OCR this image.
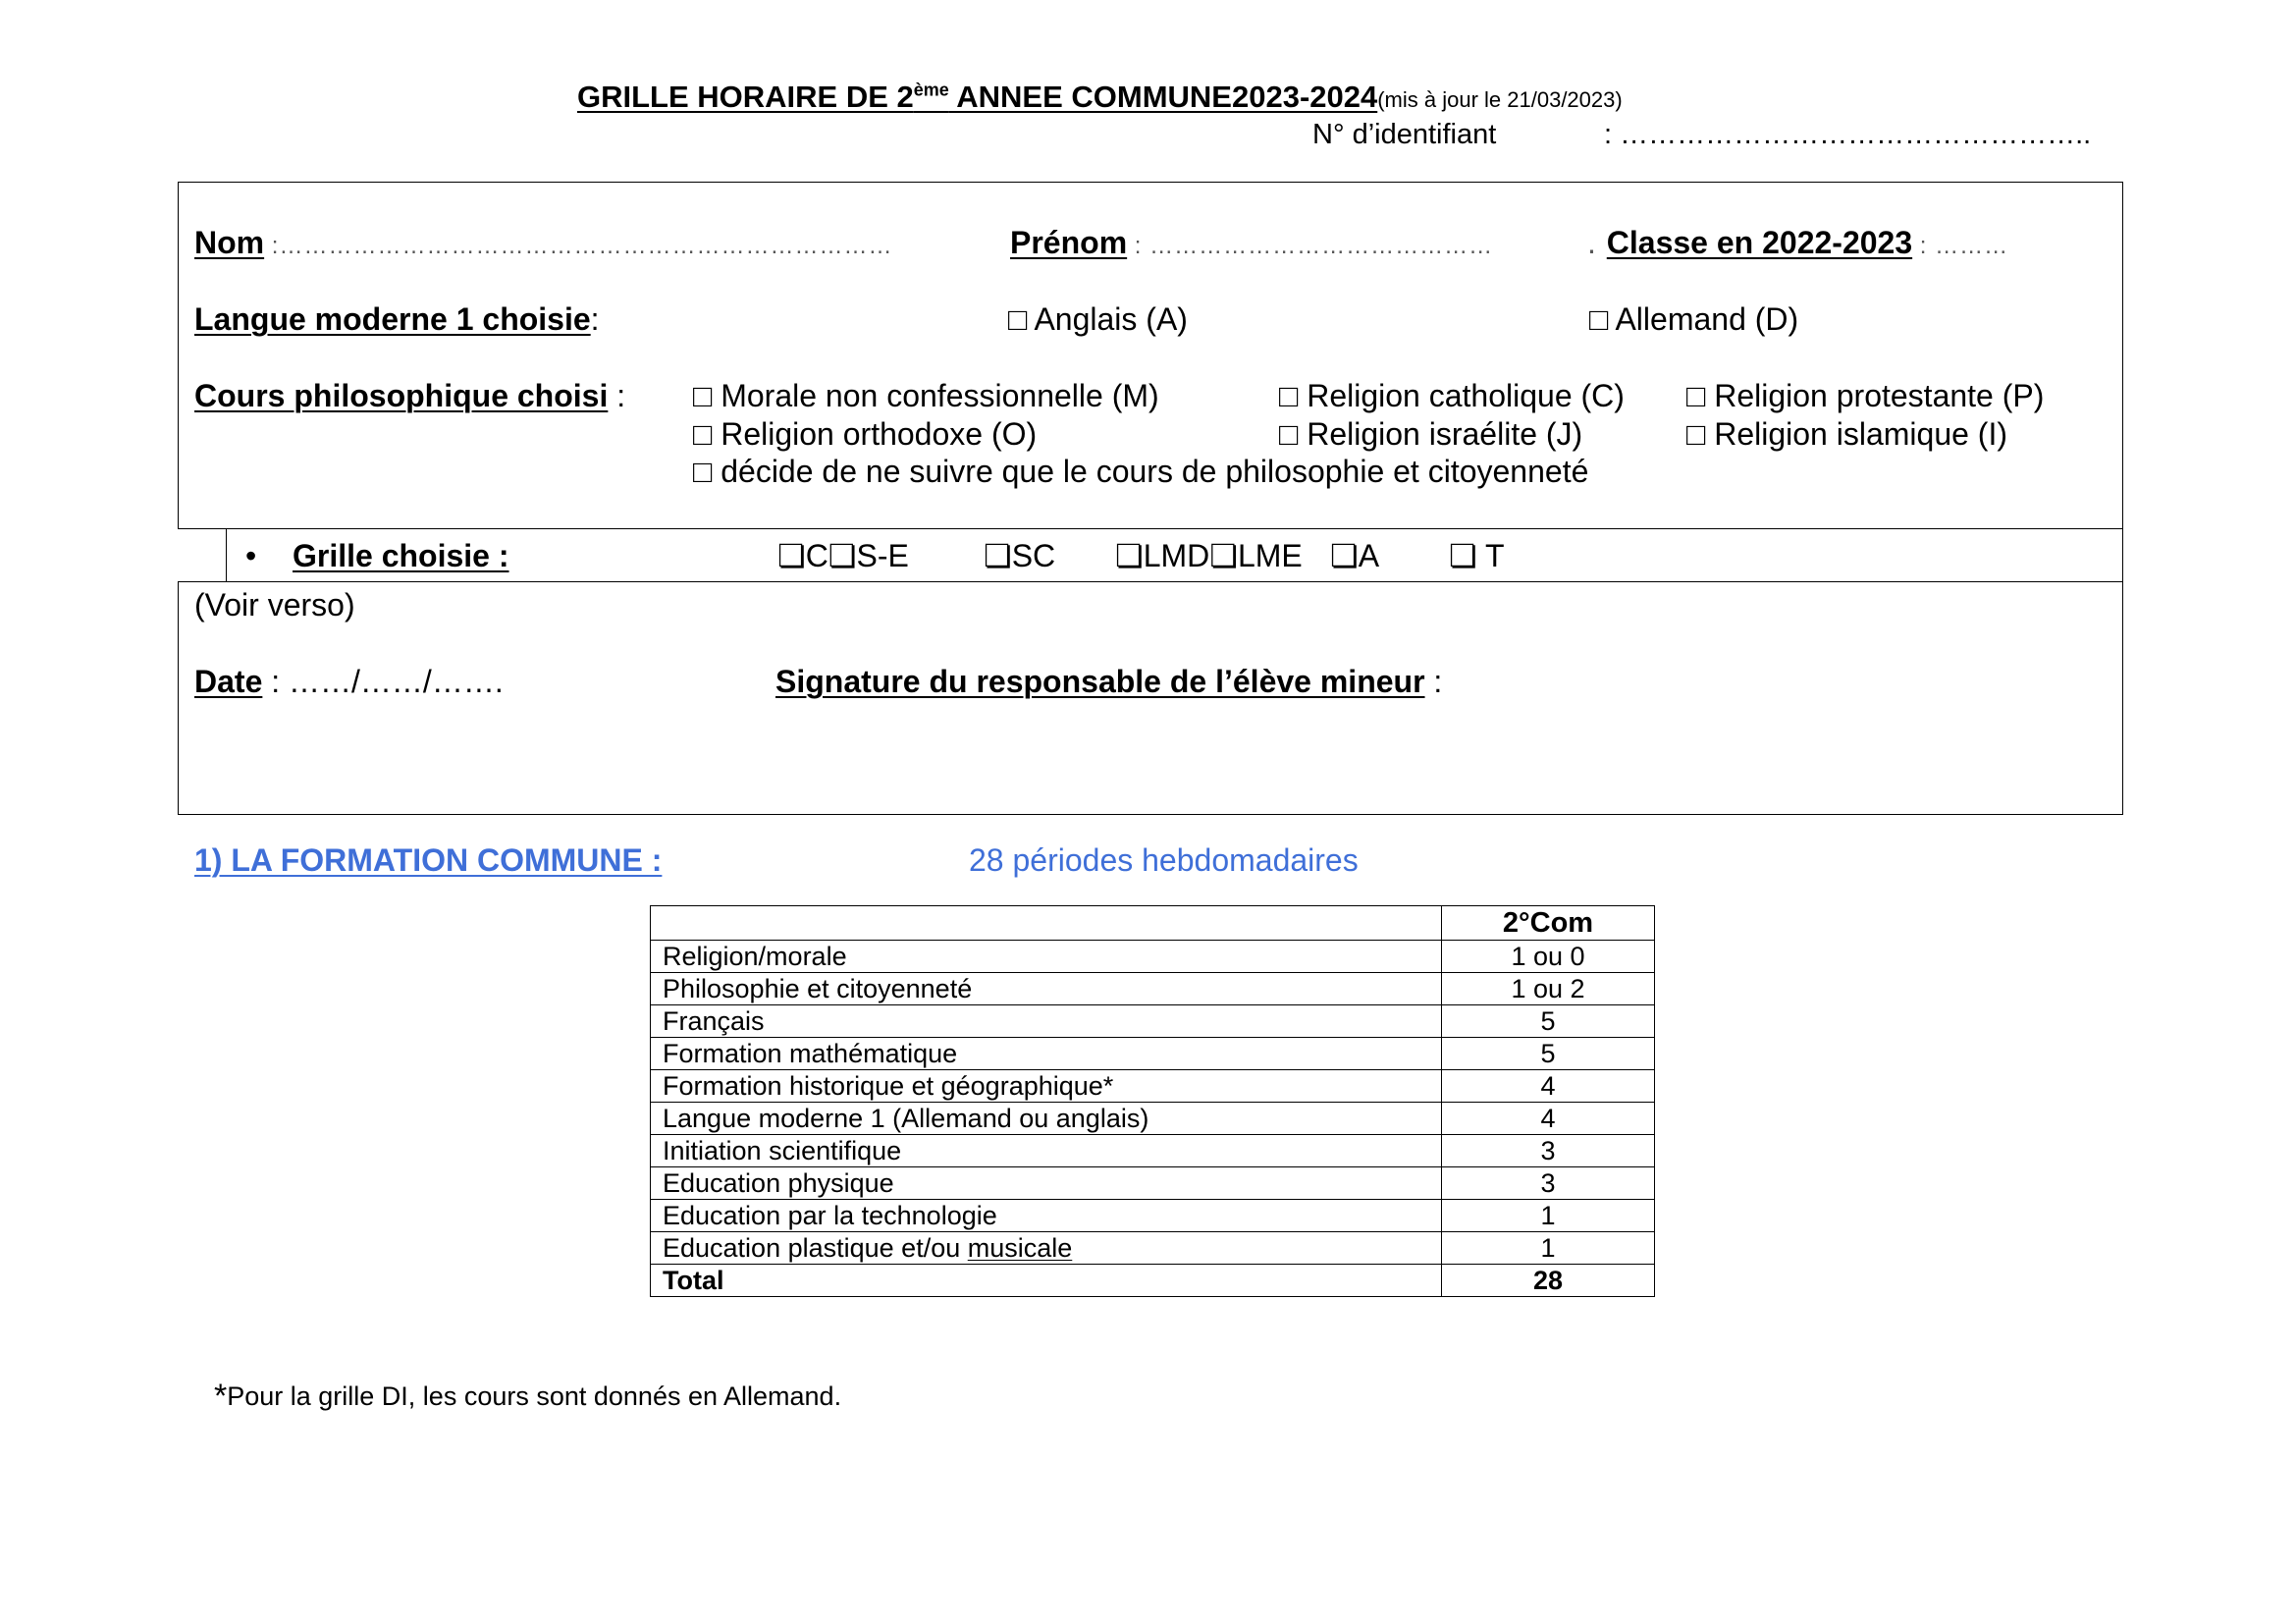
GRILLE HORAIRE DE 2ème ANNEE COMMUNE2023-2024(mis à jour le 21/03/2023)
N° d’identifiant	: …………………………………………..
Nom :…………………………………………………………………	Prénom : ……………………………………	. Classe en 2022-2023 : ………
Langue moderne 1 choisie:	□ Anglais (A)	□ Allemand (D)
Cours philosophique choisi : □ Morale non confessionnelle (M)	□ Religion catholique (C) □ Religion protestante (P)
□ Religion orthodoxe (O)	□ Religion israélite (J)	□ Religion islamique (I)
□ décide de ne suivre que le cours de philosophie et citoyenneté
• Grille choisie :	❏C❏S-E ❏SC ❏LMD❏LME ❏A ❏ T
(Voir verso)
Date : ……/……/…….	Signature du responsable de l’élève mineur :
1) LA FORMATION COMMUNE :	28 périodes hebdomadaires
	2°Com
Religion/morale	1 ou 0
Philosophie et citoyenneté	1 ou 2
Français	5
Formation mathématique	5
Formation historique et géographique*	4
Langue moderne 1 (Allemand ou anglais)	4
Initiation scientifique	3
Education physique	3
Education par la technologie	1
Education plastique et/ou musicale	1
Total	28
*Pour la grille DI, les cours sont donnés en Allemand.
